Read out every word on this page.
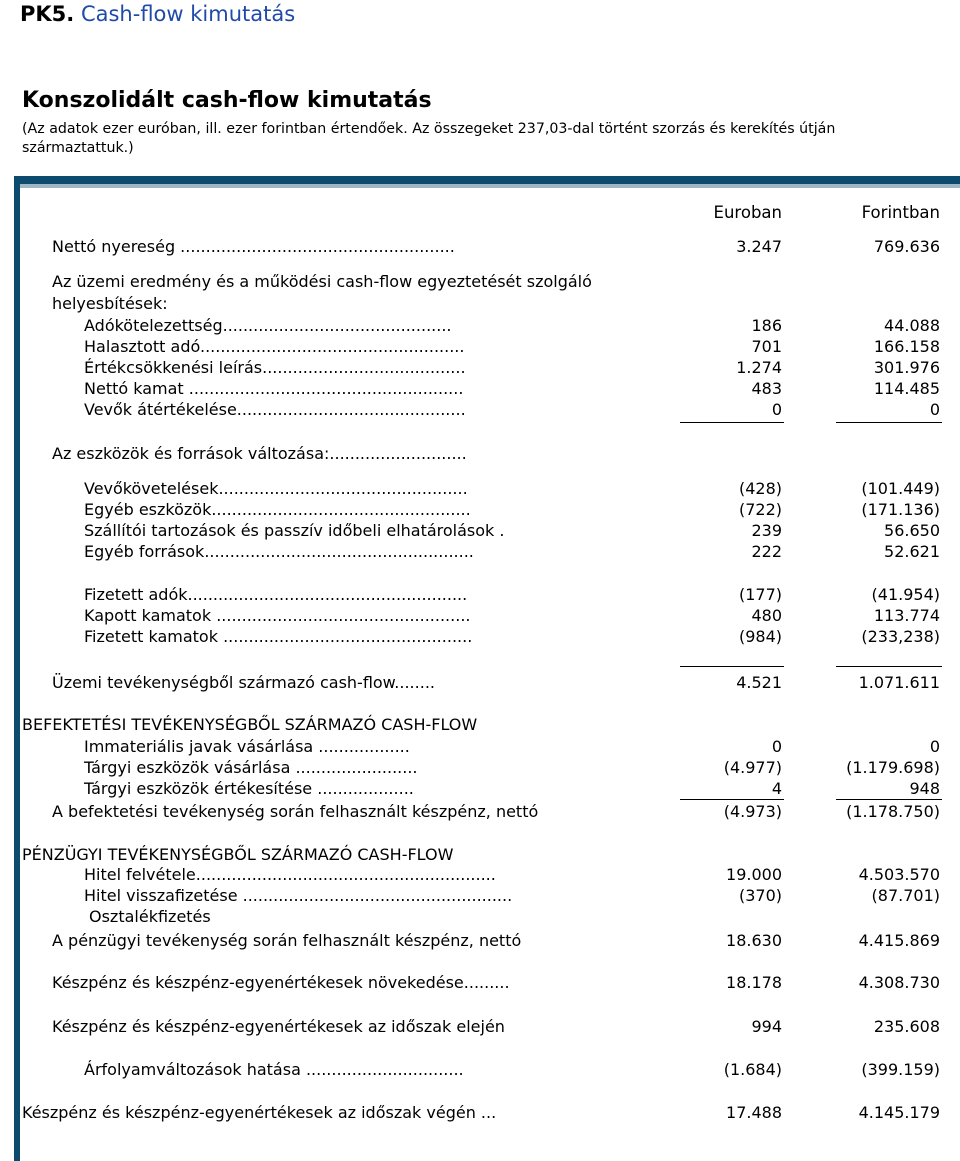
PK5. Cash-flow kimutatás
Konszolidált cash-flow kimutatás
(Az adatok ezer euróban, ill. ezer forintban értendőek. Az összegeket 237,03-dal történt szorzás és kerekítés útján származtattuk.)
Euroban	Forintban
Nettó nyereség ......................................................	3.247	769.636
Az üzemi eredmény és a működési cash-flow egyeztetését szolgáló
helyesbítések:
Adókötelezettség.............................................	186	44.088
Halasztott adó....................................................	701	166.158
Értékcsökkenési leírás........................................	1.274	301.976
Nettó kamat ......................................................	483	114.485
Vevők átértékelése.............................................	0	0
Az eszközök és források változása:...........................
Vevőkövetelések.................................................	(428)	(101.449)
Egyéb eszközök...................................................	(722)	(171.136)
Szállítói tartozások és passzív időbeli elhatárolások .	239	56.650
Egyéb források.....................................................	222	52.621
Fizetett adók.......................................................	(177)	(41.954)
Kapott kamatok ..................................................	480	113.774
Fizetett kamatok .................................................	(984)	(233,238)
Üzemi tevékenységből származó cash-flow........	4.521	1.071.611
BEFEKTETÉSI TEVÉKENYSÉGBŐL SZÁRMAZÓ CASH-FLOW
Immateriális javak vásárlása ..................	0	0
Tárgyi eszközök vásárlása ........................	(4.977)	(1.179.698)
Tárgyi eszközök értékesítése ...................	4	948
A befektetési tevékenység során felhasznált készpénz, nettó	(4.973)	(1.178.750)
PÉNZÜGYI TEVÉKENYSÉGBŐL SZÁRMAZÓ CASH-FLOW
Hitel felvétele...........................................................	19.000	4.503.570
Hitel visszafizetése .....................................................	(370)	(87.701)
Osztalékfizetés
A pénzügyi tevékenység során felhasznált készpénz, nettó	18.630	4.415.869
Készpénz és készpénz-egyenértékesek növekedése.........	18.178	4.308.730
Készpénz és készpénz-egyenértékesek az időszak elején	994	235.608
Árfolyamváltozások hatása ...............................	(1.684)	(399.159)
Készpénz és készpénz-egyenértékesek az időszak végén ...	17.488	4.145.179
